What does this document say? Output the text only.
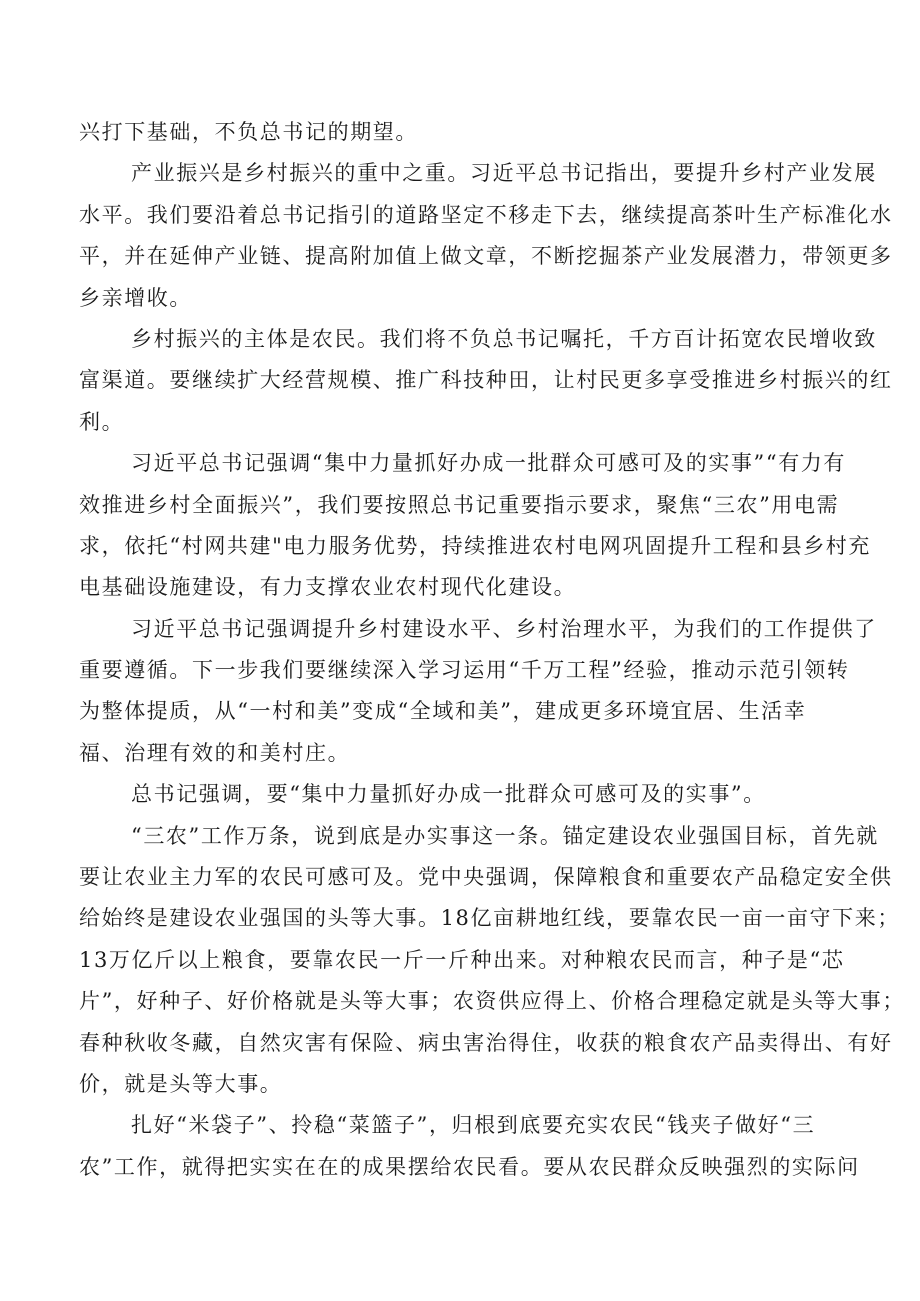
兴打下基础，不负总书记的期望。
产业振兴是乡村振兴的重中之重。习近平总书记指出，要提升乡村产业发展
水平。我们要沿着总书记指引的道路坚定不移走下去，继续提高茶叶生产标准化水
平，并在延伸产业链、提高附加值上做文章，不断挖掘茶产业发展潜力，带领更多
乡亲增收。
乡村振兴的主体是农民。我们将不负总书记嘱托，千方百计拓宽农民增收致
富渠道。要继续扩大经营规模、推广科技种田，让村民更多享受推进乡村振兴的红
利。
习近平总书记强调“集中力量抓好办成一批群众可感可及的实事”“有力有
效推进乡村全面振兴”，我们要按照总书记重要指示要求，聚焦“三农”用电需
求，依托“村网共建"电力服务优势，持续推进农村电网巩固提升工程和县乡村充
电基础设施建设，有力支撑农业农村现代化建设。
习近平总书记强调提升乡村建设水平、乡村治理水平，为我们的工作提供了
重要遵循。下一步我们要继续深入学习运用“千万工程”经验，推动示范引领转
为整体提质，从“一村和美”变成“全域和美”，建成更多环境宜居、生活幸
福、治理有效的和美村庄。
总书记强调，要“集中力量抓好办成一批群众可感可及的实事”。
“三农”工作万条，说到底是办实事这一条。锚定建设农业强国目标，首先就
要让农业主力军的农民可感可及。党中央强调，保障粮食和重要农产品稳定安全供
给始终是建设农业强国的头等大事。18亿亩耕地红线，要靠农民一亩一亩守下来；
13万亿斤以上粮食，要靠农民一斤一斤种出来。对种粮农民而言，种子是“芯
片”，好种子、好价格就是头等大事；农资供应得上、价格合理稳定就是头等大事；
春种秋收冬藏，自然灾害有保险、病虫害治得住，收获的粮食农产品卖得出、有好
价，就是头等大事。
扎好“米袋子”、拎稳“菜篮子”，归根到底要充实农民“钱夹子做好“三
农”工作，就得把实实在在的成果摆给农民看。要从农民群众反映强烈的实际问
